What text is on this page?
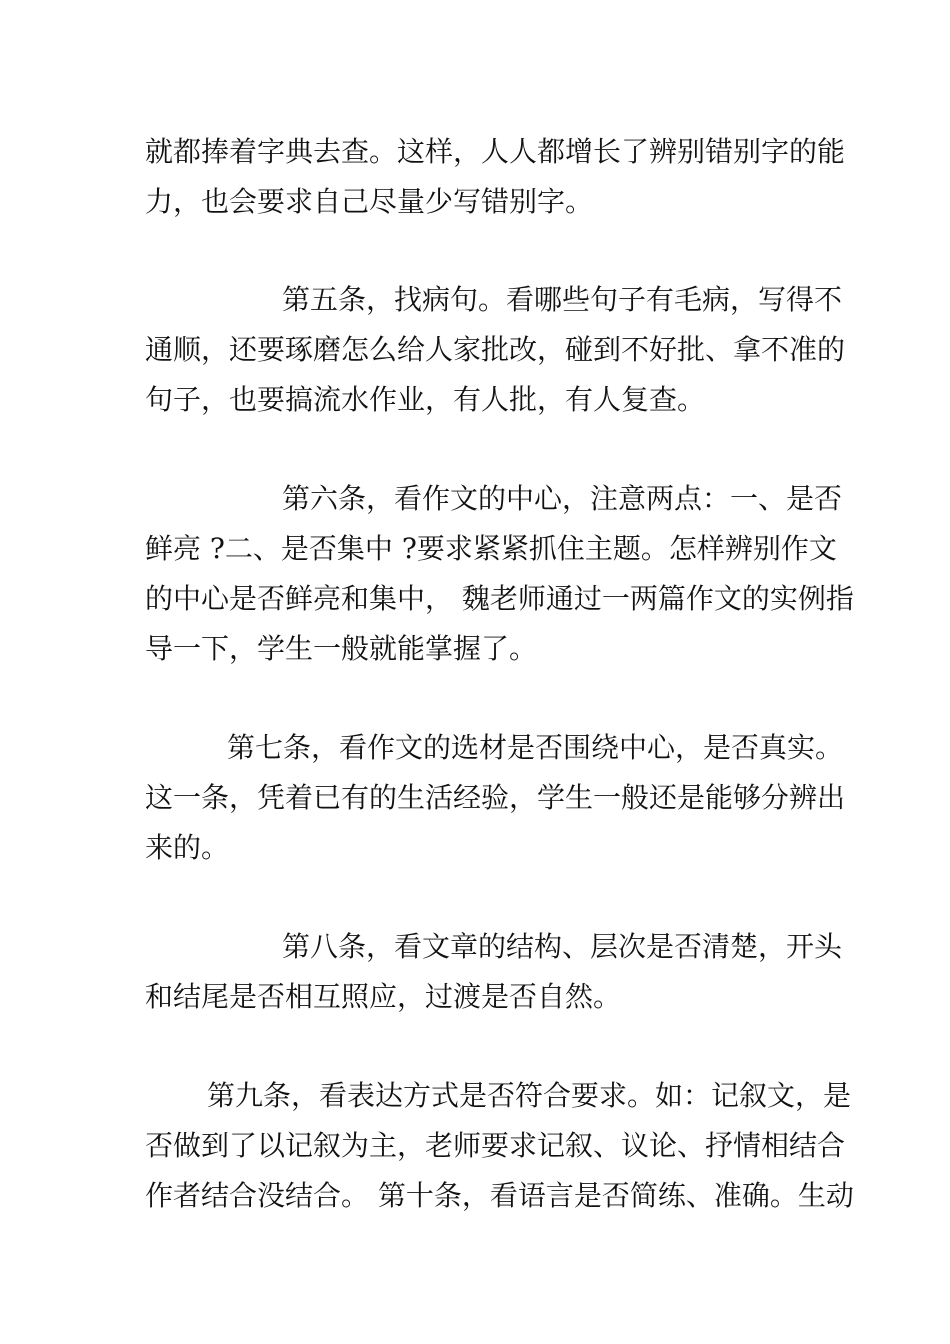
就都捧着字典去查。这样，人人都增长了辨别错别字的能
力，也会要求自己尽量少写错别字。

第五条，找病句。看哪些句子有毛病，写得不
通顺，还要琢磨怎么给人家批改，碰到不好批、拿不准的
句子，也要搞流水作业，有人批，有人复查。

第六条，看作文的中心，注意两点：一、是否
鲜亮 ?二、是否集中 ?要求紧紧抓住主题。怎样辨别作文
的中心是否鲜亮和集中， 魏老师通过一两篇作文的实例指
导一下，学生一般就能掌握了。

第七条，看作文的选材是否围绕中心，是否真实。
这一条，凭着已有的生活经验，学生一般还是能够分辨出
来的。

第八条，看文章的结构、层次是否清楚，开头
和结尾是否相互照应，过渡是否自然。

第九条，看表达方式是否符合要求。如：记叙文，是
否做到了以记叙为主，老师要求记叙、议论、抒情相结合
作者结合没结合。 第十条，看语言是否简练、准确。生动
